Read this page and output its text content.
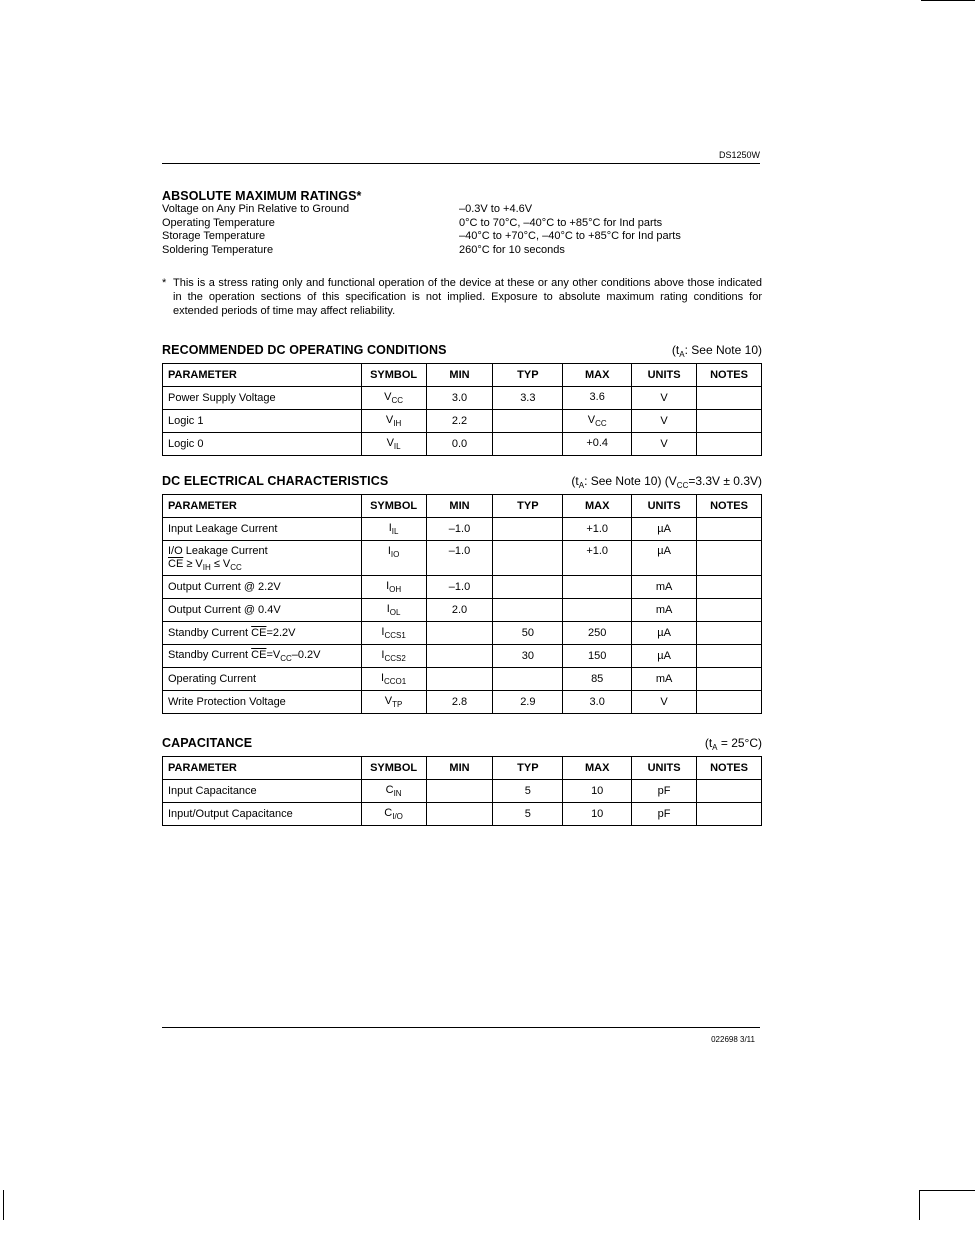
DS1250W
ABSOLUTE MAXIMUM RATINGS*
Voltage on Any Pin Relative to Ground	–0.3V to +4.6V
Operating Temperature	0°C to 70°C, –40°C to +85°C for Ind parts
Storage Temperature	–40°C to +70°C, –40°C to +85°C for Ind parts
Soldering Temperature	260°C for 10 seconds
* This is a stress rating only and functional operation of the device at these or any other conditions above those indicated in the operation sections of this specification is not implied. Exposure to absolute maximum rating conditions for extended periods of time may affect reliability.
RECOMMENDED DC OPERATING CONDITIONS	($t_A$: See Note 10)
PARAMETER	SYMBOL	MIN	TYP	MAX	UNITS	NOTES
Power Supply Voltage	$V_{CC}$	3.0	3.3	3.6	V	
Logic 1	$V_{IH}$	2.2		$V_{CC}$	V	
Logic 0	$V_{IL}$	0.0		+0.4	V	
DC ELECTRICAL CHARACTERISTICS	($t_A$: See Note 10) $(V_{CC}=3.3V \pm 0.3V)$
PARAMETER	SYMBOL	MIN	TYP	MAX	UNITS	NOTES
Input Leakage Current	$I_{IL}$	–1.0		+1.0	µA	

I/O Leakage Current
$\overline{CE} \ge V_{IH} \le V_{CC}$	$I_{IO}$	–1.0		+1.0	µA	
Output Current @ 2.2V	$I_{OH}$	–1.0			mA	
Output Current @ 0.4V	$I_{OL}$	2.0			mA	
Standby Current $\overline{CE}=2.2V$	$I_{CCS1}$		50	250	µA	
Standby Current $\overline{CE}=V_{CC}-0.2V$	$I_{CCS2}$		30	150	µA	
Operating Current	$I_{CCO1}$			85	mA	
Write Protection Voltage	$V_{TP}$	2.8	2.9	3.0	V	
CAPACITANCE	$(t_A = 25^\circ C)$
PARAMETER	SYMBOL	MIN	TYP	MAX	UNITS	NOTES
Input Capacitance	$C_{IN}$		5	10	pF	
Input/Output Capacitance	$C_{I/O}$		5	10	pF	
022698 3/11
